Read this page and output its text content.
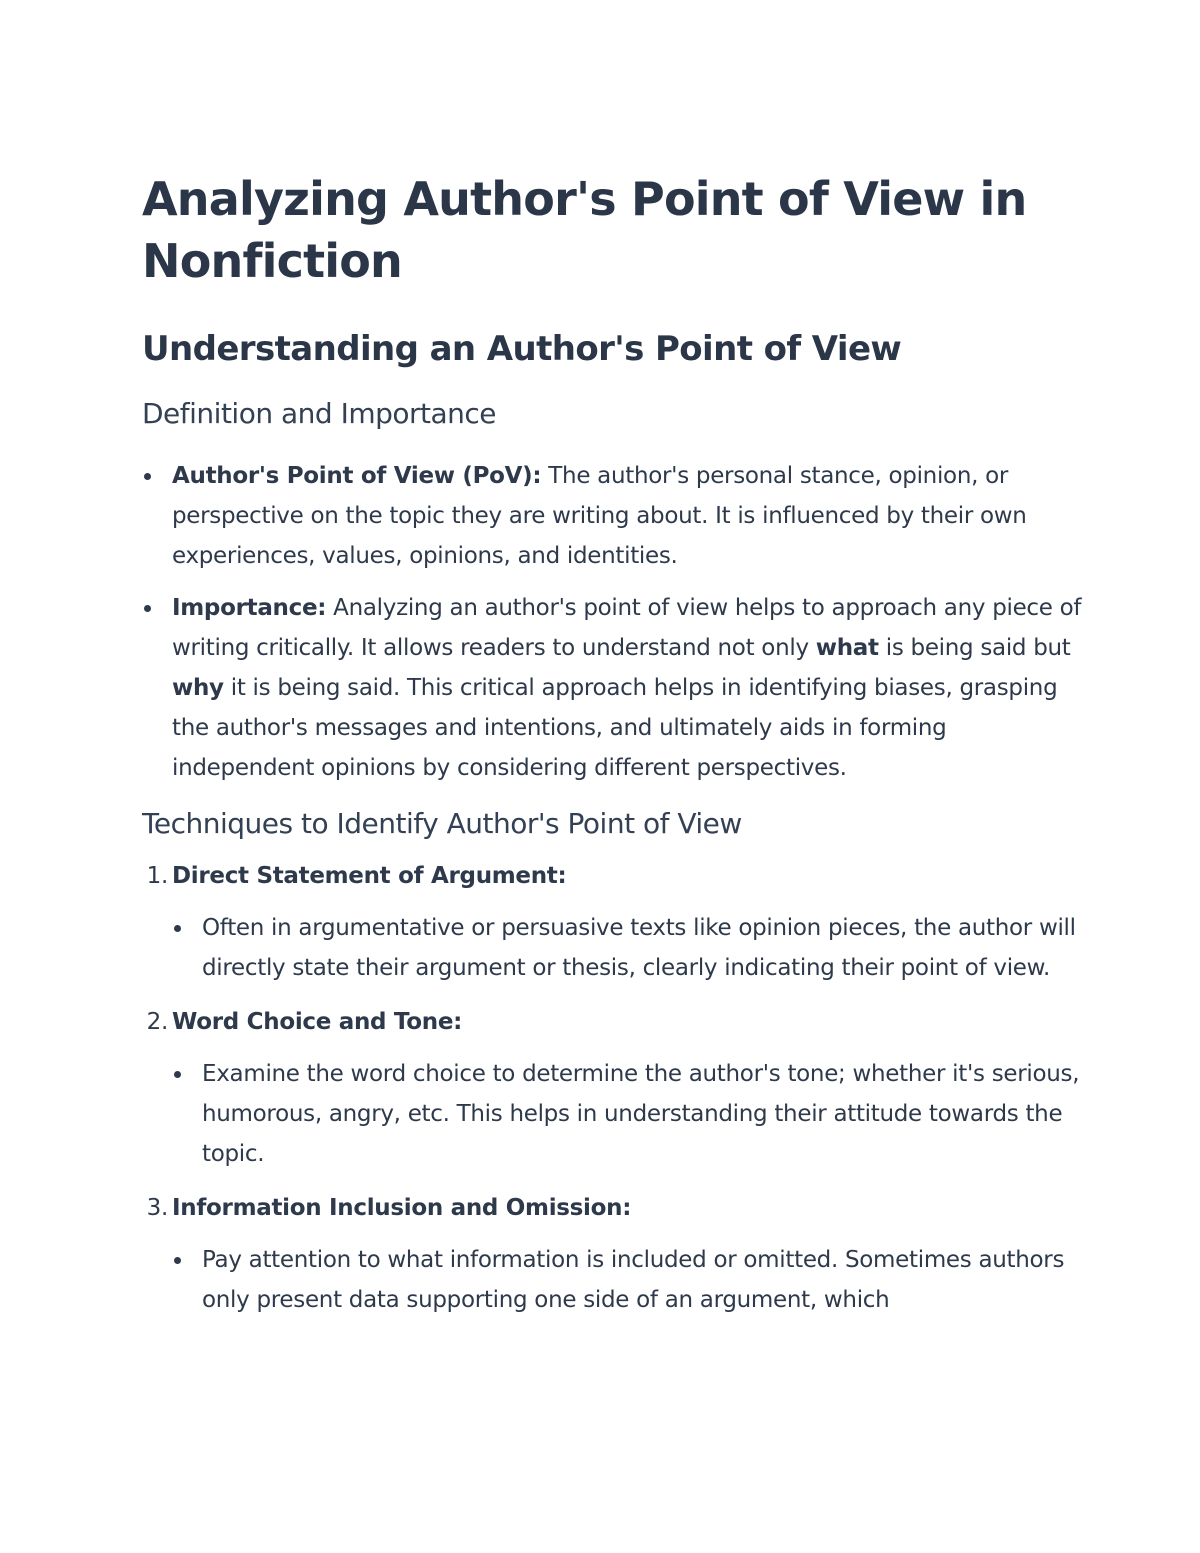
Analyzing Author's Point of View in Nonfiction
Understanding an Author's Point of View
Definition and Importance
Author's Point of View (PoV): The author's personal stance, opinion, or perspective on the topic they are writing about. It is influenced by their own experiences, values, opinions, and identities.
Importance: Analyzing an author's point of view helps to approach any piece of writing critically. It allows readers to understand not only what is being said but why it is being said. This critical approach helps in identifying biases, grasping the author's messages and intentions, and ultimately aids in forming independent opinions by considering different perspectives.
Techniques to Identify Author's Point of View
1. Direct Statement of Argument:
Often in argumentative or persuasive texts like opinion pieces, the author will directly state their argument or thesis, clearly indicating their point of view.
2. Word Choice and Tone:
Examine the word choice to determine the author's tone; whether it's serious, humorous, angry, etc. This helps in understanding their attitude towards the topic.
3. Information Inclusion and Omission:
Pay attention to what information is included or omitted. Sometimes authors only present data supporting one side of an argument, which
